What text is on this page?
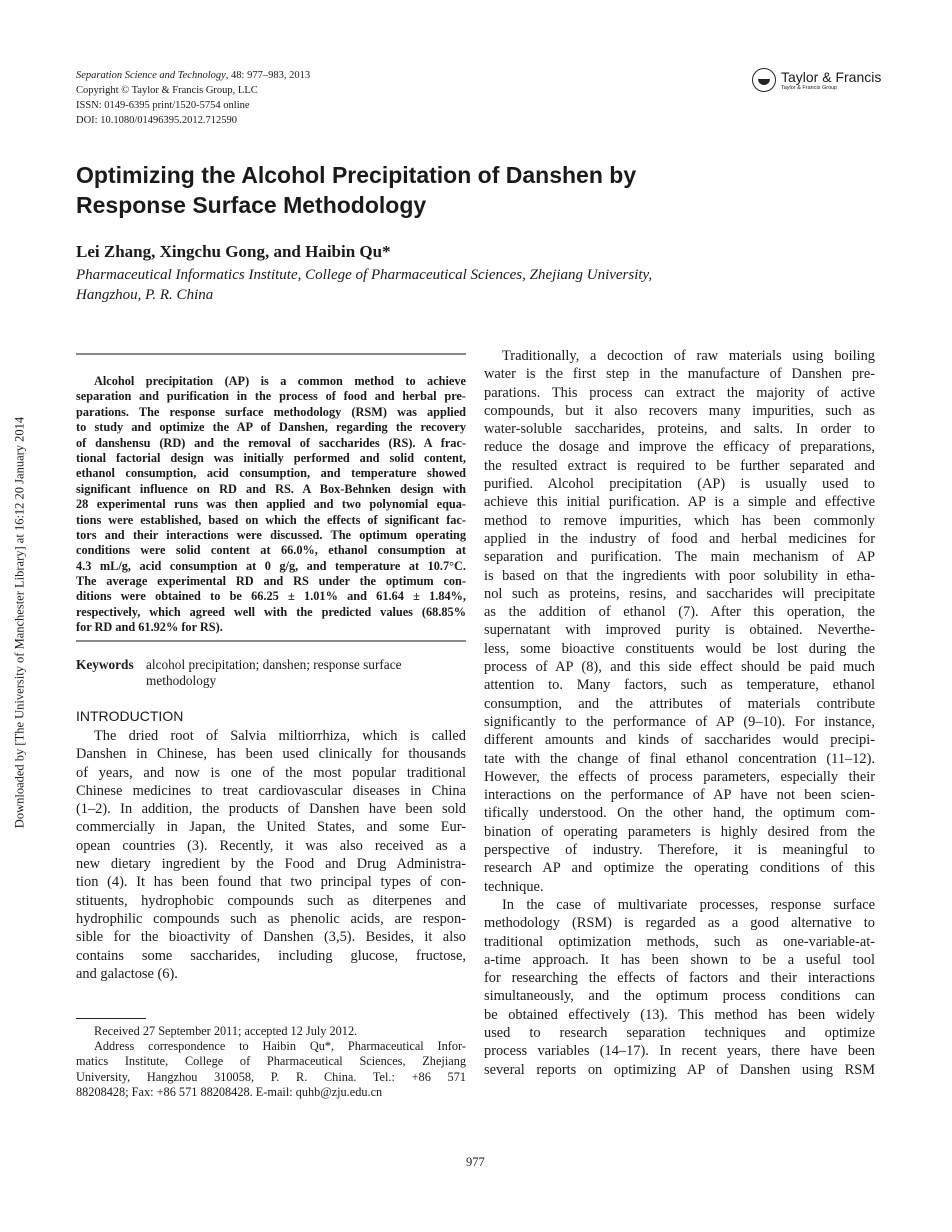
Separation Science and Technology, 48: 977–983, 2013
Copyright © Taylor & Francis Group, LLC
ISSN: 0149-6395 print/1520-5754 online
DOI: 10.1080/01496395.2012.712590
Taylor & Francis
Taylor & Francis Group
Optimizing the Alcohol Precipitation of Danshen by
Response Surface Methodology
Lei Zhang, Xingchu Gong, and Haibin Qu*
Pharmaceutical Informatics Institute, College of Pharmaceutical Sciences, Zhejiang University,
Hangzhou, P. R. China
Alcohol precipitation (AP) is a common method to achieve
separation and purification in the process of food and herbal pre-
parations. The response surface methodology (RSM) was applied
to study and optimize the AP of Danshen, regarding the recovery
of danshensu (RD) and the removal of saccharides (RS). A frac-
tional factorial design was initially performed and solid content,
ethanol consumption, acid consumption, and temperature showed
significant influence on RD and RS. A Box-Behnken design with
28 experimental runs was then applied and two polynomial equa-
tions were established, based on which the effects of significant fac-
tors and their interactions were discussed. The optimum operating
conditions were solid content at 66.0%, ethanol consumption at
4.3 mL/g, acid consumption at 0 g/g, and temperature at 10.7°C.
The average experimental RD and RS under the optimum con-
ditions were obtained to be 66.25 ± 1.01% and 61.64 ± 1.84%,
respectively, which agreed well with the predicted values (68.85%
for RD and 61.92% for RS).
Keywords alcohol precipitation; danshen; response surface
methodology
INTRODUCTION
The dried root of Salvia miltiorrhiza, which is called
Danshen in Chinese, has been used clinically for thousands
of years, and now is one of the most popular traditional
Chinese medicines to treat cardiovascular diseases in China
(1–2). In addition, the products of Danshen have been sold
commercially in Japan, the United States, and some Eur-
opean countries (3). Recently, it was also received as a
new dietary ingredient by the Food and Drug Administra-
tion (4). It has been found that two principal types of con-
stituents, hydrophobic compounds such as diterpenes and
hydrophilic compounds such as phenolic acids, are respon-
sible for the bioactivity of Danshen (3,5). Besides, it also
contains some saccharides, including glucose, fructose,
and galactose (6).
Traditionally, a decoction of raw materials using boiling
water is the first step in the manufacture of Danshen pre-
parations. This process can extract the majority of active
compounds, but it also recovers many impurities, such as
water-soluble saccharides, proteins, and salts. In order to
reduce the dosage and improve the efficacy of preparations,
the resulted extract is required to be further separated and
purified. Alcohol precipitation (AP) is usually used to
achieve this initial purification. AP is a simple and effective
method to remove impurities, which has been commonly
applied in the industry of food and herbal medicines for
separation and purification. The main mechanism of AP
is based on that the ingredients with poor solubility in etha-
nol such as proteins, resins, and saccharides will precipitate
as the addition of ethanol (7). After this operation, the
supernatant with improved purity is obtained. Neverthe-
less, some bioactive constituents would be lost during the
process of AP (8), and this side effect should be paid much
attention to. Many factors, such as temperature, ethanol
consumption, and the attributes of materials contribute
significantly to the performance of AP (9–10). For instance,
different amounts and kinds of saccharides would precipi-
tate with the change of final ethanol concentration (11–12).
However, the effects of process parameters, especially their
interactions on the performance of AP have not been scien-
tifically understood. On the other hand, the optimum com-
bination of operating parameters is highly desired from the
perspective of industry. Therefore, it is meaningful to
research AP and optimize the operating conditions of this
technique.
In the case of multivariate processes, response surface
methodology (RSM) is regarded as a good alternative to
traditional optimization methods, such as one-variable-at-
a-time approach. It has been shown to be a useful tool
for researching the effects of factors and their interactions
simultaneously, and the optimum process conditions can
be obtained effectively (13). This method has been widely
used to research separation techniques and optimize
process variables (14–17). In recent years, there have been
several reports on optimizing AP of Danshen using RSM
Received 27 September 2011; accepted 12 July 2012.
Address correspondence to Haibin Qu*, Pharmaceutical Infor-
matics Institute, College of Pharmaceutical Sciences, Zhejiang
University, Hangzhou 310058, P. R. China. Tel.: +86 571
88208428; Fax: +86 571 88208428. E-mail: quhb@zju.edu.cn
977
Downloaded by [The University of Manchester Library] at 16:12 20 January 2014
